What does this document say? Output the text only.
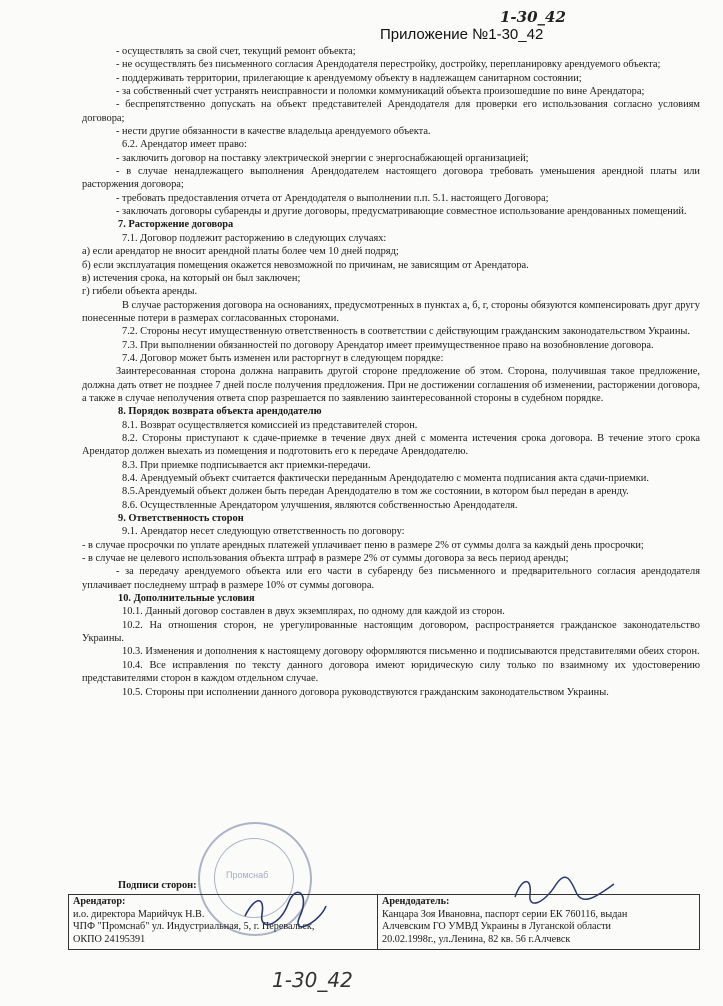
1-30_42
Приложение №1-30_42

- осуществлять за свой счет, текущий ремонт объекта;

- не осуществлять без письменного согласия Арендодателя перестройку, достройку, перепланировку арендуемого объекта;

- поддерживать территории, прилегающие к арендуемому объекту в надлежащем санитарном состоянии;

- за собственный счет устранять неисправности и поломки коммуникаций объекта произошедшие по вине Арендатора;

- беспрепятственно допускать на объект представителей Арендодателя для проверки его использования согласно условиям договора;

- нести другие обязанности в качестве владельца арендуемого объекта.

6.2. Арендатор имеет право:

- заключить договор на поставку электрической энергии с энергоснабжающей организацией;

- в случае ненадлежащего выполнения Арендодателем настоящего договора требовать уменьшения арендной платы или расторжения договора;

- требовать предоставления отчета от Арендодателя о выполнении п.п. 5.1. настоящего Договора;

- заключать договоры субаренды и другие договоры, предусматривающие совместное использование арендованных помещений.

7. Расторжение договора

7.1. Договор подлежит расторжению в следующих случаях:

а) если арендатор не вносит арендной платы более чем 10 дней подряд;

б) если эксплуатация помещения окажется невозможной по причинам, не зависящим от Арендатора.

в) истечения срока, на который он был заключен;

г) гибели объекта аренды.

В случае расторжения договора на основаниях, предусмотренных в пунктах а, б, г, стороны обязуются компенсировать друг другу понесенные потери в размерах согласованных сторонами.

7.2. Стороны несут имущественную ответственность в соответствии с действующим гражданским законодательством Украины.

7.3. При выполнении обязанностей по договору Арендатор имеет преимущественное право на возобновление договора.

7.4. Договор может быть изменен или расторгнут в следующем порядке:

Заинтересованная сторона должна направить другой стороне предложение об этом. Сторона, получившая такое предложение, должна дать ответ не позднее 7 дней после получения предложения. При не достижении соглашения об изменении, расторжении договора, а также в случае неполучения ответа спор разрешается по заявлению заинтересованной стороны в судебном порядке.

8. Порядок возврата объекта арендодателю

8.1. Возврат осуществляется комиссией из представителей сторон.

8.2. Стороны приступают к сдаче-приемке в течение двух дней с момента истечения срока договора. В течение этого срока Арендатор должен выехать из помещения и подготовить его к передаче Арендодателю.

8.3. При приемке подписывается акт приемки-передачи.

8.4. Арендуемый объект считается фактически переданным Арендодателю с момента подписания акта сдачи-приемки.

8.5.Арендуемый объект должен быть передан Арендодателю в том же состоянии, в котором был передан в аренду.

8.6. Осуществленные Арендатором улучшения, являются собственностью Арендодателя.

9. Ответственность сторон

9.1. Арендатор несет следующую ответственность по договору:

- в случае просрочки по уплате арендных платежей уплачивает пеню в размере 2% от суммы долга за каждый день просрочки;

- в случае не целевого использования объекта штраф в размере 2% от суммы договора за весь период аренды;

- за передачу арендуемого объекта или его части в субаренду без письменного и предварительного согласия арендодателя уплачивает последнему штраф в размере 10% от суммы договора.

10. Дополнительные условия

10.1. Данный договор составлен в двух экземплярах, по одному для каждой из сторон.

10.2. На отношения сторон, не урегулированные настоящим договором, распространяется гражданское законодательство Украины.

10.3. Изменения и дополнения к настоящему договору оформляются письменно и подписываются представителями обеих сторон.

10.4. Все исправления по тексту данного договора имеют юридическую силу только по взаимному их удостоверению представителями сторон в каждом отдельном случае.

10.5. Стороны при исполнении данного договора руководствуются гражданским законодательством Украины.

Промснаб
Подписи сторон:
Арендатор:
и.о. директора Марийчук Н.В.
ЧПФ "Промснаб" ул. Индустриальная, 5, г. Перевальск,
ОКПО 24195391
Арендодатель:
Канцара Зоя Ивановна, паспорт серии ЕК 760116, выдан
Алчевским ГО УМВД Украины в Луганской области
20.02.1998г., ул.Ленина, 82 кв. 56 г.Алчевск
1-30_42
